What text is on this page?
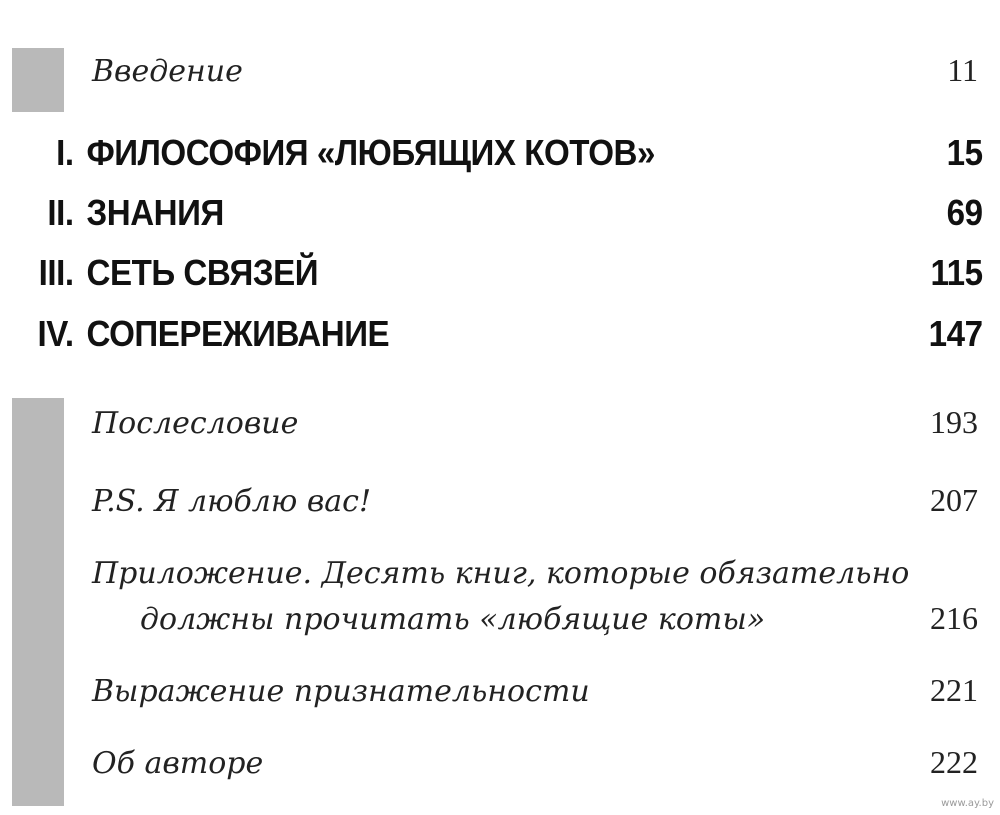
Введение	11
I. ФИЛОСОФИЯ «ЛЮБЯЩИХ КОТОВ»	15
II. ЗНАНИЯ	69
III. СЕТЬ СВЯЗЕЙ	115
IV. СОПЕРЕЖИВАНИЕ	147
Послесловие	193
P.S. Я люблю вас!	207
Приложение. Десять книг, которые обязательно
должны прочитать «любящие коты»	216
Выражение признательности	221
Об авторе	222
www.ay.by
